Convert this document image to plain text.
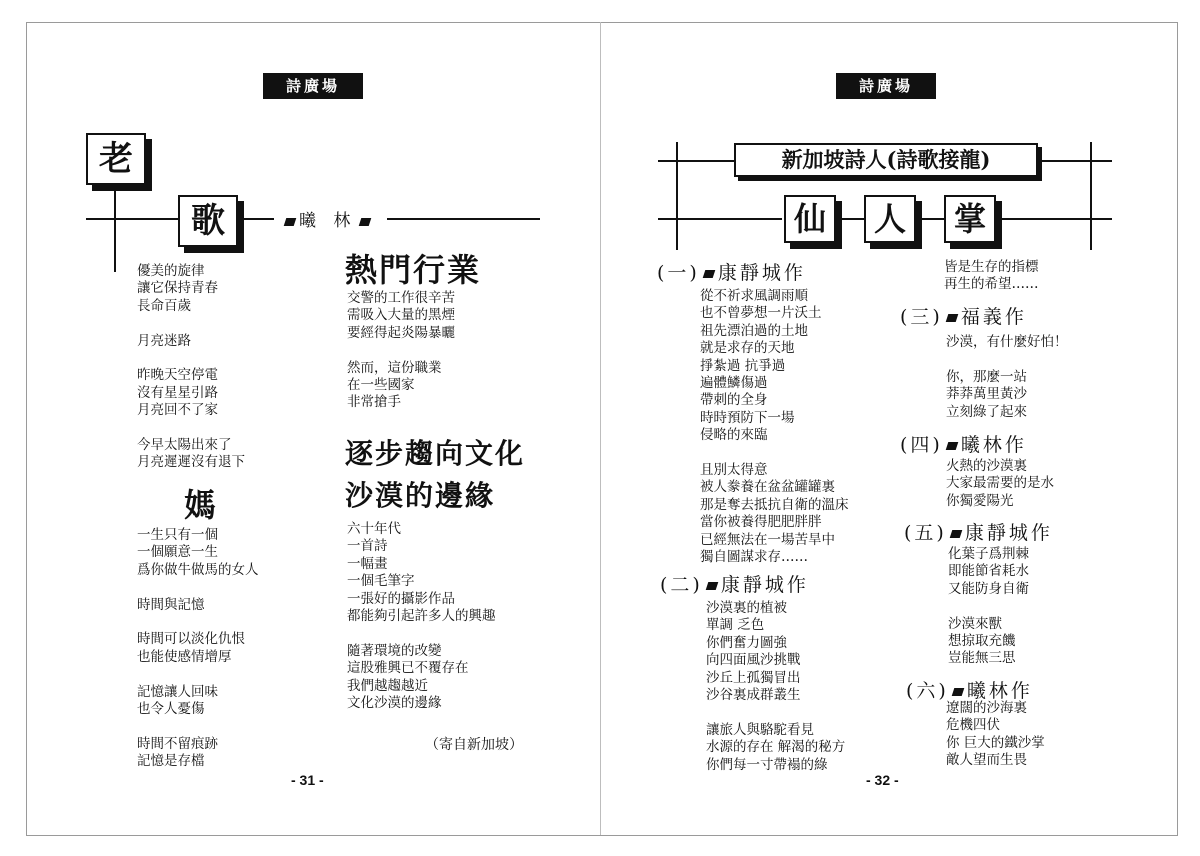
詩廣場
老
歌	曦 林
優美的旋律
讓它保持青春
長命百歲

月亮迷路

昨晚天空停電
沒有星星引路
月亮回不了家

今早太陽出來了
月亮遲遲沒有退下
媽
一生只有一個
一個願意一生
爲你做牛做馬的女人

時間與記憶

時間可以淡化仇恨
也能使感情增厚

記憶讓人回味
也令人憂傷

時間不留痕跡
記憶是存檔
熱門行業
交警的工作很辛苦
需吸入大量的黑煙
要經得起炎陽暴曬

然而，這份職業
在一些國家
非常搶手
逐步趨向文化
沙漠的邊緣
六十年代
一首詩
一幅畫
一個毛筆字
一張好的攝影作品
都能夠引起許多人的興趣

隨著環境的改變
這股雅興已不覆存在
我們越趨越近
文化沙漠的邊緣
（寄自新加坡）
- 31 -
詩廣場
新加坡詩人(詩歌接龍)
仙	人	掌
(一) 康靜城作
從不祈求風調雨順
也不曾夢想一片沃土
祖先漂泊過的土地
就是求存的天地
掙紮過 抗爭過
遍體鱗傷過
帶刺的全身
時時預防下一場
侵略的來臨

且別太得意
被人豢養在盆盆罐罐裏
那是奪去抵抗自衛的溫床
當你被養得肥肥胖胖
已經無法在一場苦旱中
獨自圖謀求存……
(二) 康靜城作
沙漠裏的植被
單調 乏色
你們奮力圖強
向四面風沙挑戰
沙丘上孤獨冒出
沙谷裏成群叢生

讓旅人與駱駝看見
水源的存在 解渴的秘方
你們每一寸帶褟的綠
皆是生存的指標
再生的希望……
(三) 福義作
沙漠，有什麼好怕！

你，那麼一站
莽莽萬里黃沙
立刻綠了起來
(四) 曦林作
火熱的沙漠裏
大家最需要的是水
你獨愛陽光
(五) 康靜城作
化葉子爲荆棘
即能節省耗水
又能防身自衛

沙漠來獸
想掠取充饑
豈能無三思
(六) 曦林作
遼闊的沙海裏
危機四伏
你 巨大的鐵沙掌
敵人望而生畏
- 32 -
